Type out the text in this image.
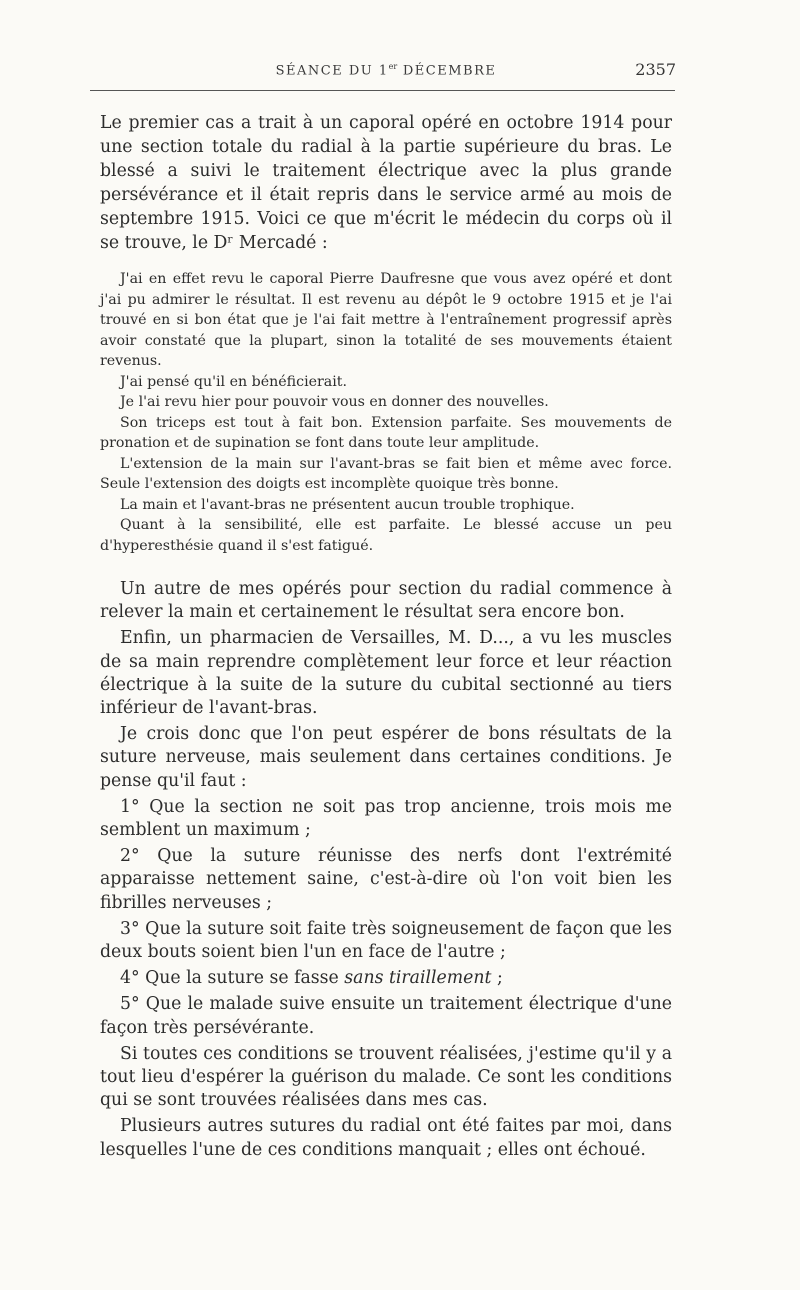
SÉANCE DU 1er DÉCEMBRE	2357

Le premier cas a trait à un caporal opéré en octobre 1914 pour une section totale du radial à la partie supérieure du bras. Le blessé a suivi le traitement électrique avec la plus grande persévérance et il était repris dans le service armé au mois de septembre 1915. Voici ce que m'écrit le médecin du corps où il se trouve, le Dʳ Mercadé :

J'ai en effet revu le caporal Pierre Daufresne que vous avez opéré et dont j'ai pu admirer le résultat. Il est revenu au dépôt le 9 octobre 1915 et je l'ai trouvé en si bon état que je l'ai fait mettre à l'entraînement progressif après avoir constaté que la plupart, sinon la totalité de ses mouvements étaient revenus.

J'ai pensé qu'il en bénéficierait.

Je l'ai revu hier pour pouvoir vous en donner des nouvelles.

Son triceps est tout à fait bon. Extension parfaite. Ses mouvements de pronation et de supination se font dans toute leur amplitude.

L'extension de la main sur l'avant-bras se fait bien et même avec force. Seule l'extension des doigts est incomplète quoique très bonne.

La main et l'avant-bras ne présentent aucun trouble trophique.

Quant à la sensibilité, elle est parfaite. Le blessé accuse un peu d'hyperesthésie quand il s'est fatigué.

Un autre de mes opérés pour section du radial commence à relever la main et certainement le résultat sera encore bon.

Enfin, un pharmacien de Versailles, M. D..., a vu les muscles de sa main reprendre complètement leur force et leur réaction électrique à la suite de la suture du cubital sectionné au tiers inférieur de l'avant-bras.

Je crois donc que l'on peut espérer de bons résultats de la suture nerveuse, mais seulement dans certaines conditions. Je pense qu'il faut :

1° Que la section ne soit pas trop ancienne, trois mois me semblent un maximum ;

2° Que la suture réunisse des nerfs dont l'extrémité apparaisse nettement saine, c'est-à-dire où l'on voit bien les fibrilles nerveuses ;

3° Que la suture soit faite très soigneusement de façon que les deux bouts soient bien l'un en face de l'autre ;

4° Que la suture se fasse sans tiraillement ;

5° Que le malade suive ensuite un traitement électrique d'une façon très persévérante.

Si toutes ces conditions se trouvent réalisées, j'estime qu'il y a tout lieu d'espérer la guérison du malade. Ce sont les conditions qui se sont trouvées réalisées dans mes cas.

Plusieurs autres sutures du radial ont été faites par moi, dans lesquelles l'une de ces conditions manquait ; elles ont échoué.
